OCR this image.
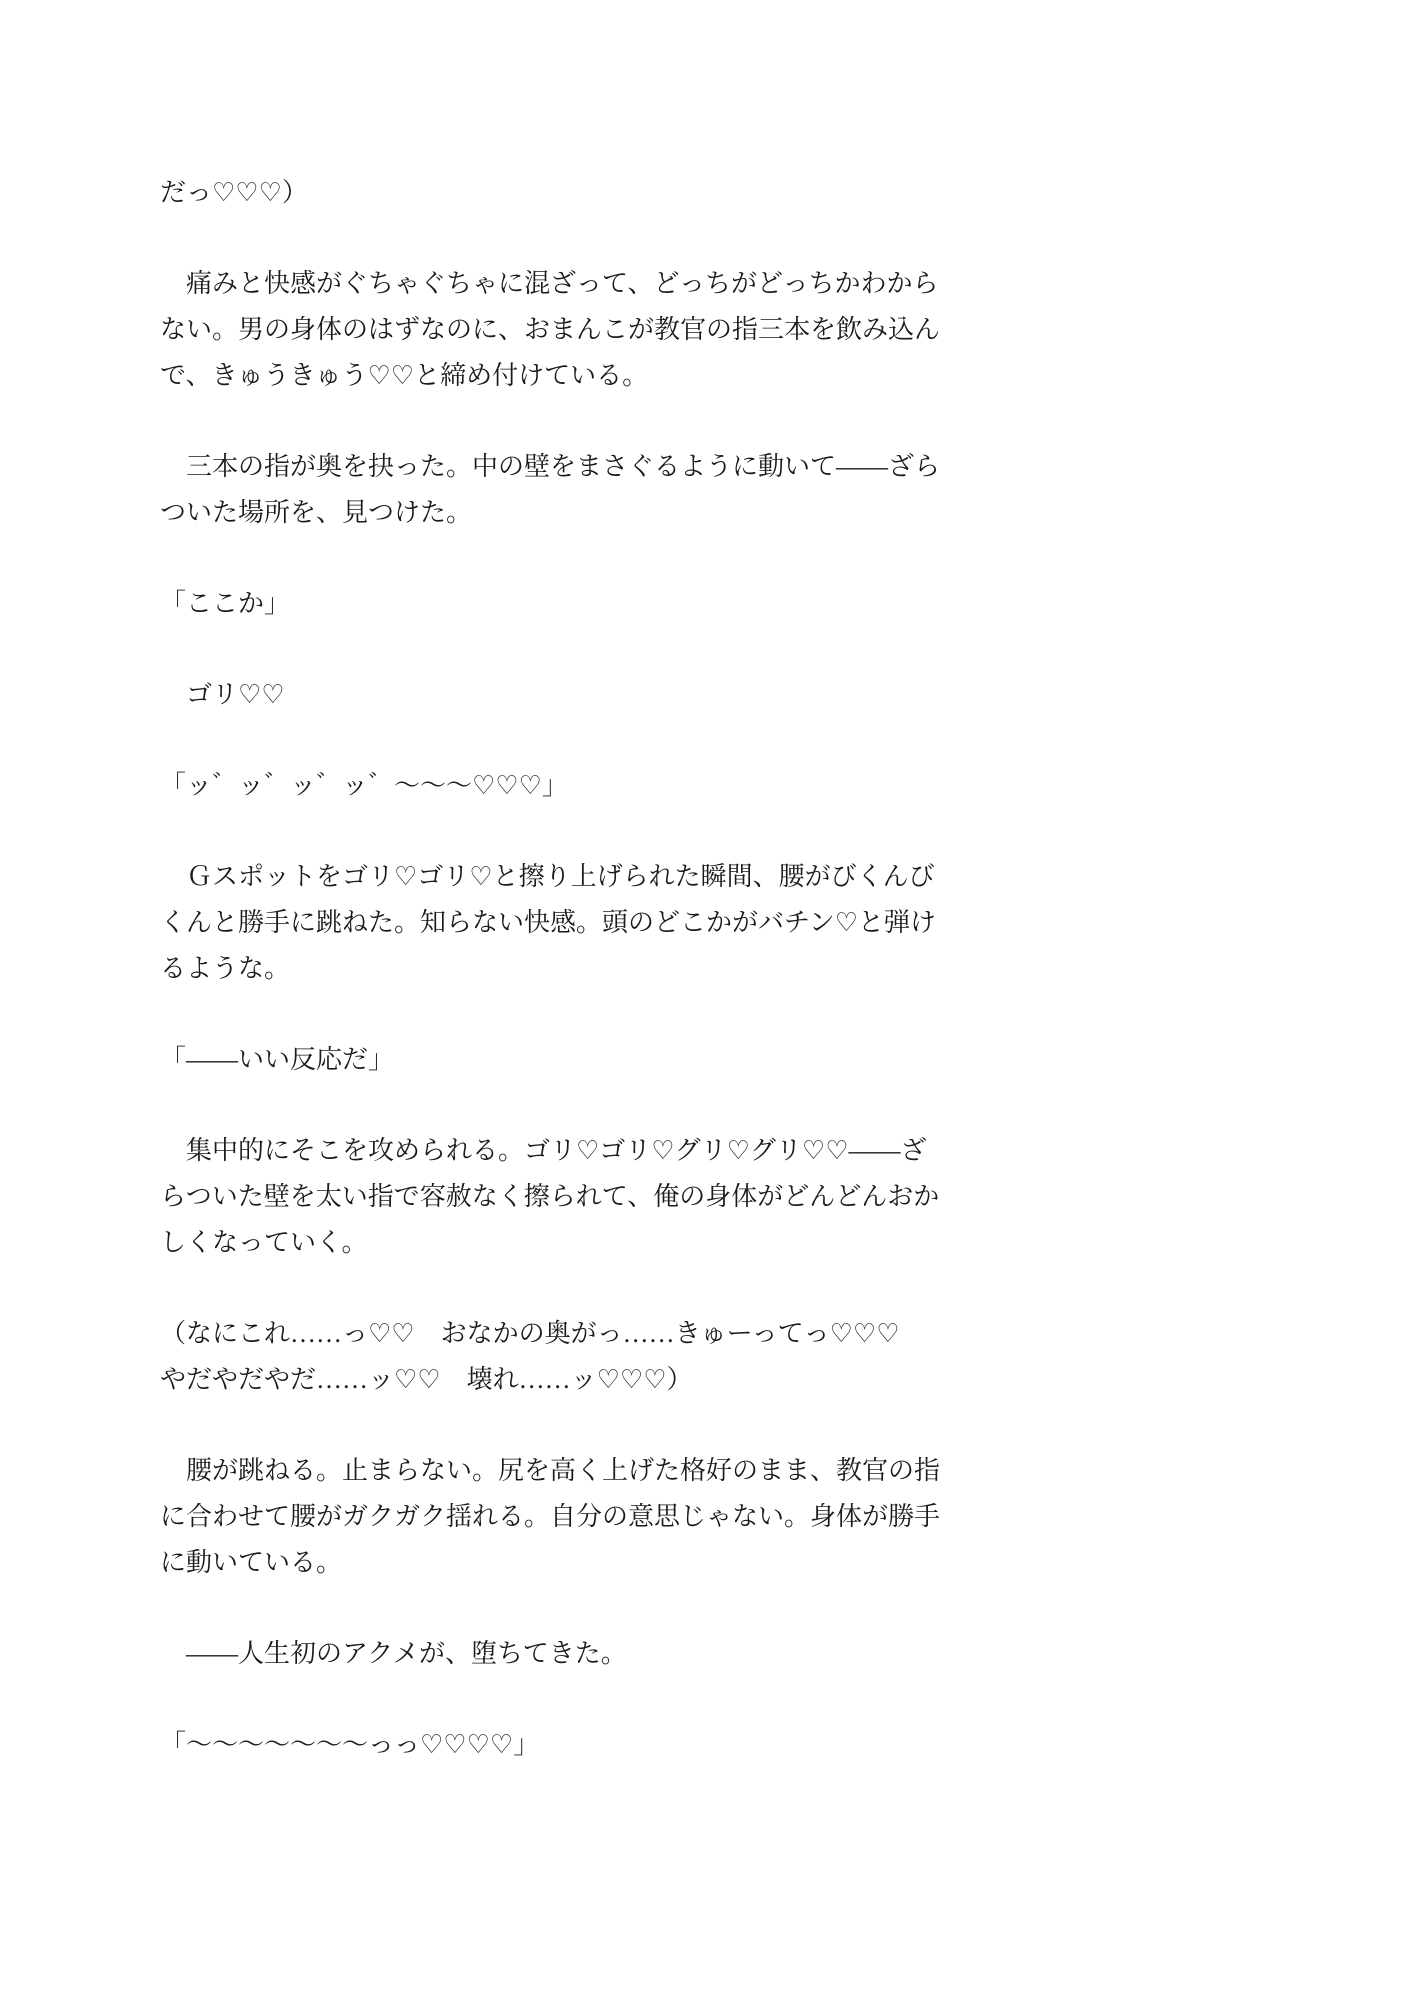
だっ♡♡♡）
　痛みと快感がぐちゃぐちゃに混ざって、どっちがどっちかわから
ない。男の身体のはずなのに、おまんこが教官の指三本を飲み込ん
で、きゅうきゅう♡♡と締め付けている。
　三本の指が奥を抉った。中の壁をまさぐるように動いて——ざら
ついた場所を、見つけた。
「ここか」
　ゴリ♡♡
「ッ゛ッ゛ッ゛ッ゛〜〜〜♡♡♡」
　Ｇスポットをゴリ♡ゴリ♡と擦り上げられた瞬間、腰がびくんび
くんと勝手に跳ねた。知らない快感。頭のどこかがバチン♡と弾け
るような。
「——いい反応だ」
　集中的にそこを攻められる。ゴリ♡ゴリ♡グリ♡グリ♡♡——ざ
らついた壁を太い指で容赦なく擦られて、俺の身体がどんどんおか
しくなっていく。
（なにこれ……っ♡♡　おなかの奥がっ……きゅーってっ♡♡♡
やだやだやだ……ッ♡♡　壊れ……ッ♡♡♡）
　腰が跳ねる。止まらない。尻を高く上げた格好のまま、教官の指
に合わせて腰がガクガク揺れる。自分の意思じゃない。身体が勝手
に動いている。
　——人生初のアクメが、堕ちてきた。
「〜〜〜〜〜〜〜っっ♡♡♡♡」
